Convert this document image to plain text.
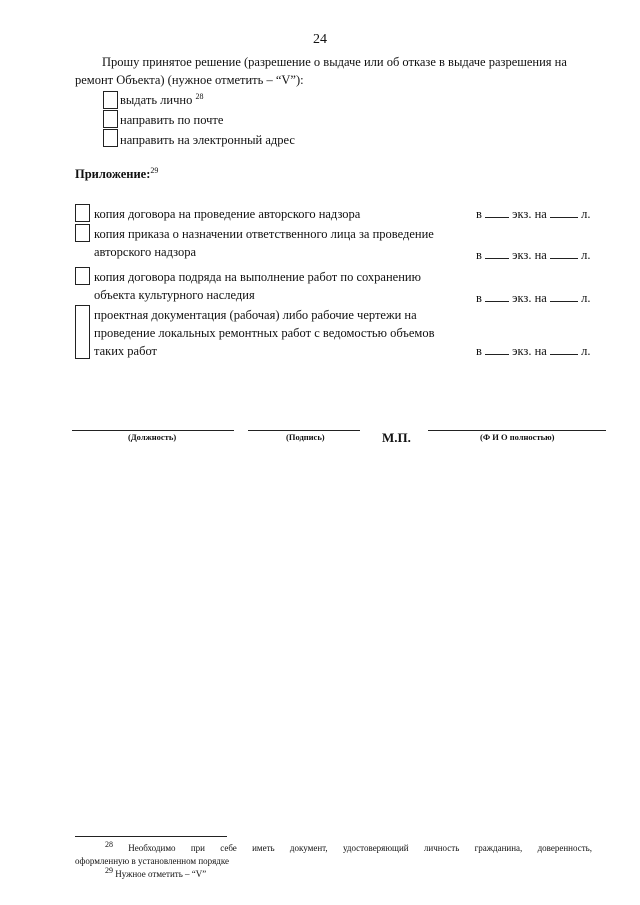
24
Прошу принятое решение (разрешение о выдаче или об отказе в выдаче разрешения на
ремонт Объекта) (нужное отметить – “V”):
выдать лично $^{28}$
направить по почте
направить на электронный адрес
Приложение:$^{29}$
копия договора на проведение авторского надзора	в экз. на	л.
копия приказа о назначении ответственного лица за проведение
авторского надзора	в экз. на	л.
копия договора подряда на выполнение работ по сохранению
объекта культурного наследия	в экз. на	л.
проектная документация (рабочая) либо рабочие чертежи на
проведение локальных ремонтных работ с ведомостью объемов
таких работ	в экз. на	л.
(Должность)	(Подпись)	М.П.	(Ф И О полностью)
28 Необходимо при себе иметь документ, удостоверяющий личность гражданина, доверенность,
оформленную в установленном порядке
29 Нужное отметить – “V”
